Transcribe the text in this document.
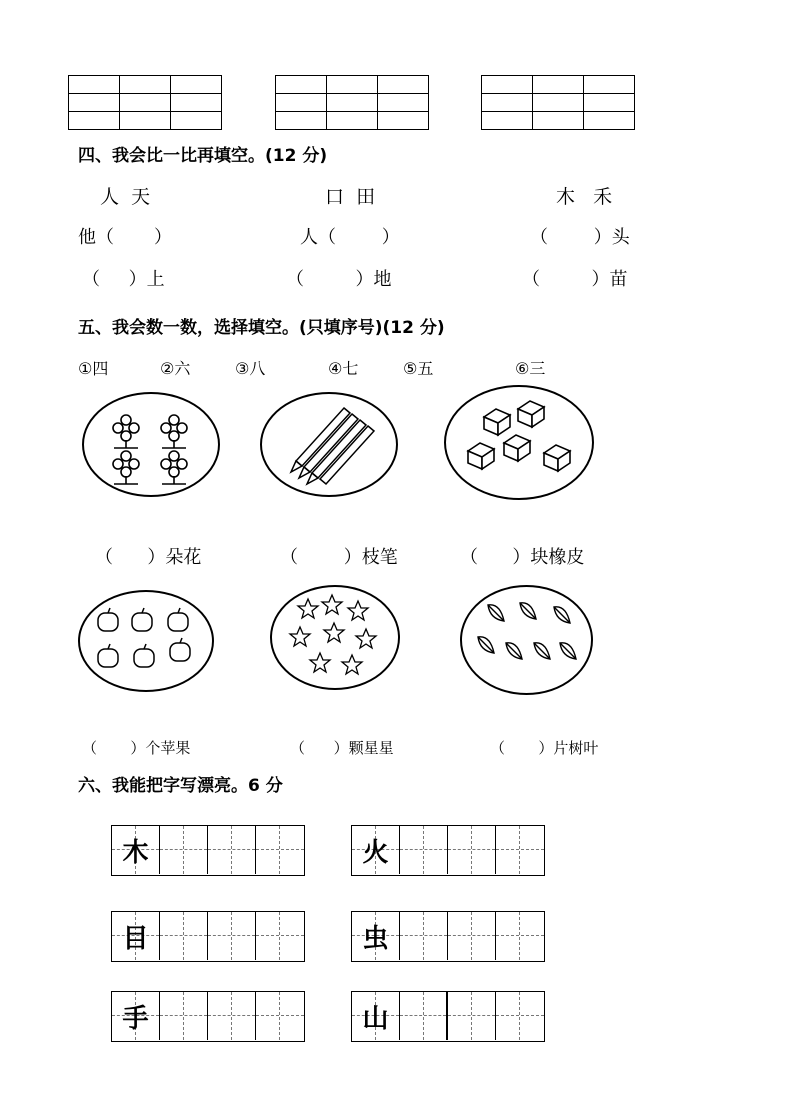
四、我会比一比再填空。(12 分)
人  天	口  田	木   禾
他（       ）	人（        ）	（        ）头
（     ）上	（         ）地	（         ）苗
五、我会数一数，选择填空。(只填序号)(12 分)
①四	②六	③八	④七	⑤五	⑥三
（      ）朵花	（        ）枝笔	（      ）块橡皮
（       ）个苹果	（      ）颗星星	（       ）片树叶
六、我能把字写漂亮。6 分
木	火
目	虫
手	山
